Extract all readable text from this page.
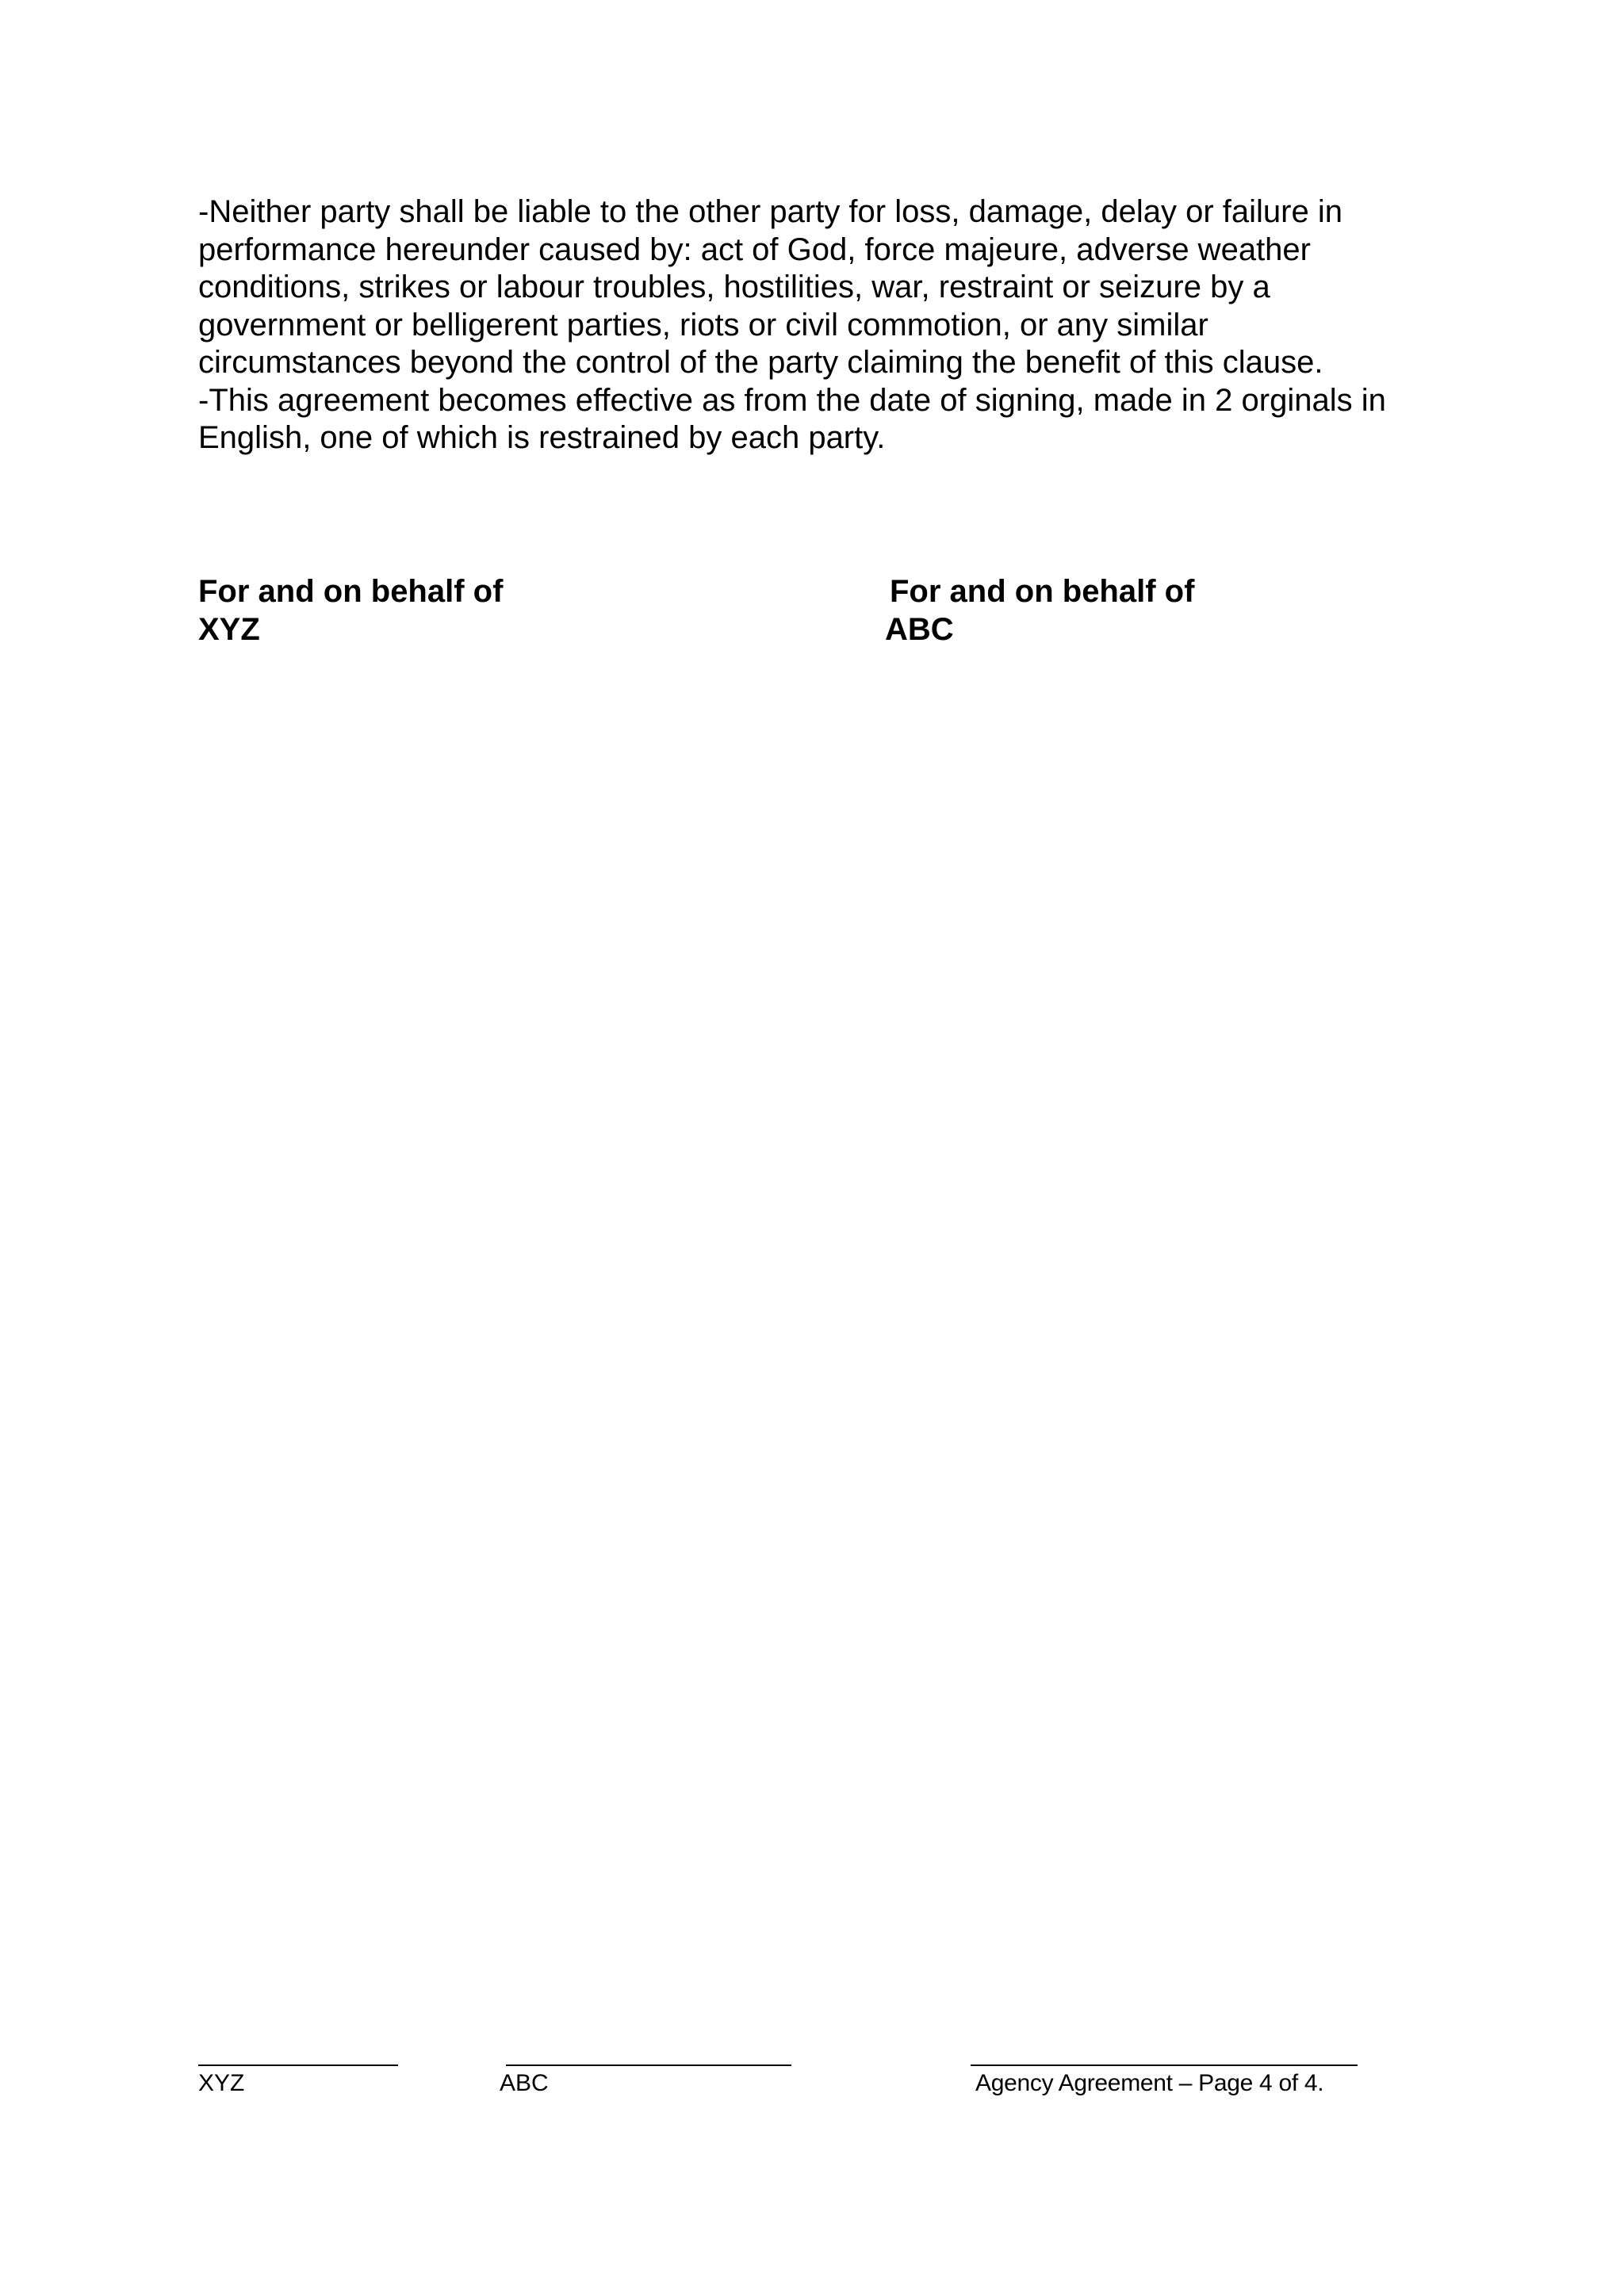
-Neither party shall be liable to the other party for loss, damage, delay or failure in

performance hereunder caused by: act of God, force majeure, adverse weather

conditions, strikes or labour troubles, hostilities, war, restraint or seizure by a

government or belligerent parties, riots or civil commotion, or any similar

circumstances beyond the control of the party claiming the benefit of this clause.

-This agreement becomes effective as from the date of signing, made in 2 orginals in

English, one of which is restrained by each party.

For and on behalf of
XYZ
For and on behalf of
ABC
XYZ	ABC	Agency Agreement – Page 4 of 4.
